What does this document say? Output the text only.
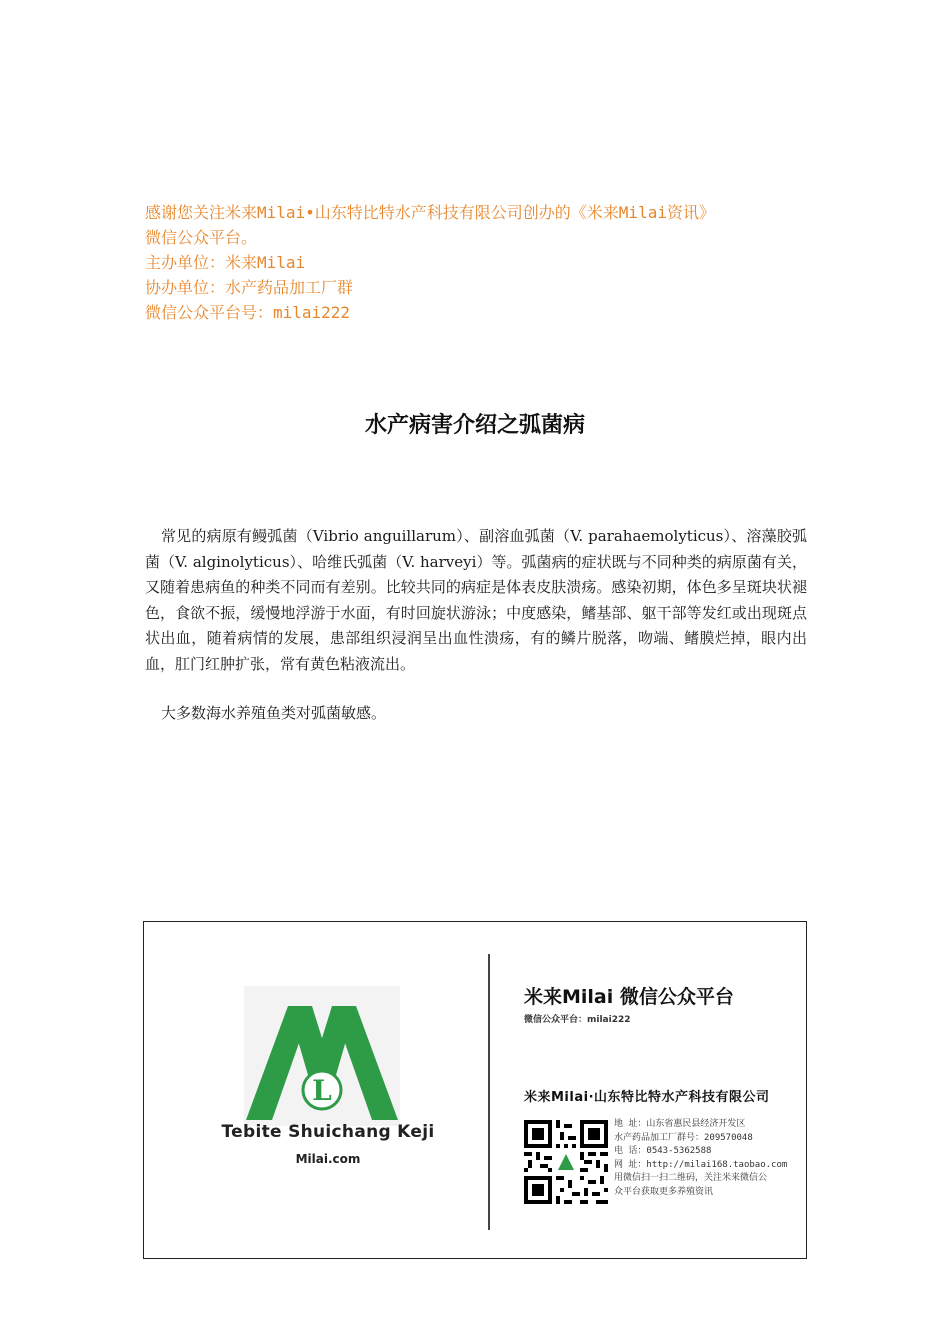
感谢您关注米来Milai•山东特比特水产科技有限公司创办的《米来Milai资讯》

微信公众平台。

主办单位：米来Milai

协办单位：水产药品加工厂群

微信公众平台号：milai222

水产病害介绍之弧菌病

常见的病原有鳗弧菌（Vibrio anguillarum）、副溶血弧菌（V. parahaemolyticus）、溶藻胶弧菌（V. alginolyticus）、哈维氏弧菌（V. harveyi）等。弧菌病的症状既与不同种类的病原菌有关，又随着患病鱼的种类不同而有差别。比较共同的病症是体表皮肤溃疡。感染初期，体色多呈斑块状褪色，食欲不振，缓慢地浮游于水面，有时回旋状游泳；中度感染，鳍基部、躯干部等发红或出现斑点状出血，随着病情的发展，患部组织浸润呈出血性溃疡，有的鳞片脱落，吻端、鳍膜烂掉，眼内出血，肛门红肿扩张，常有黄色粘液流出。

大多数海水养殖鱼类对弧菌敏感。

L
Tebite Shuichang Keji
Milai.com
米来Milai 微信公众平台
微信公众平台：milai222
米来Milai·山东特比特水产科技有限公司
地 址：山东省惠民县经济开发区
水产药品加工厂群号：209570048
电 话：0543-5362588
网 址：http://milai168.taobao.com
用微信扫一扫二维码，关注米来微信公
众平台获取更多养殖资讯
